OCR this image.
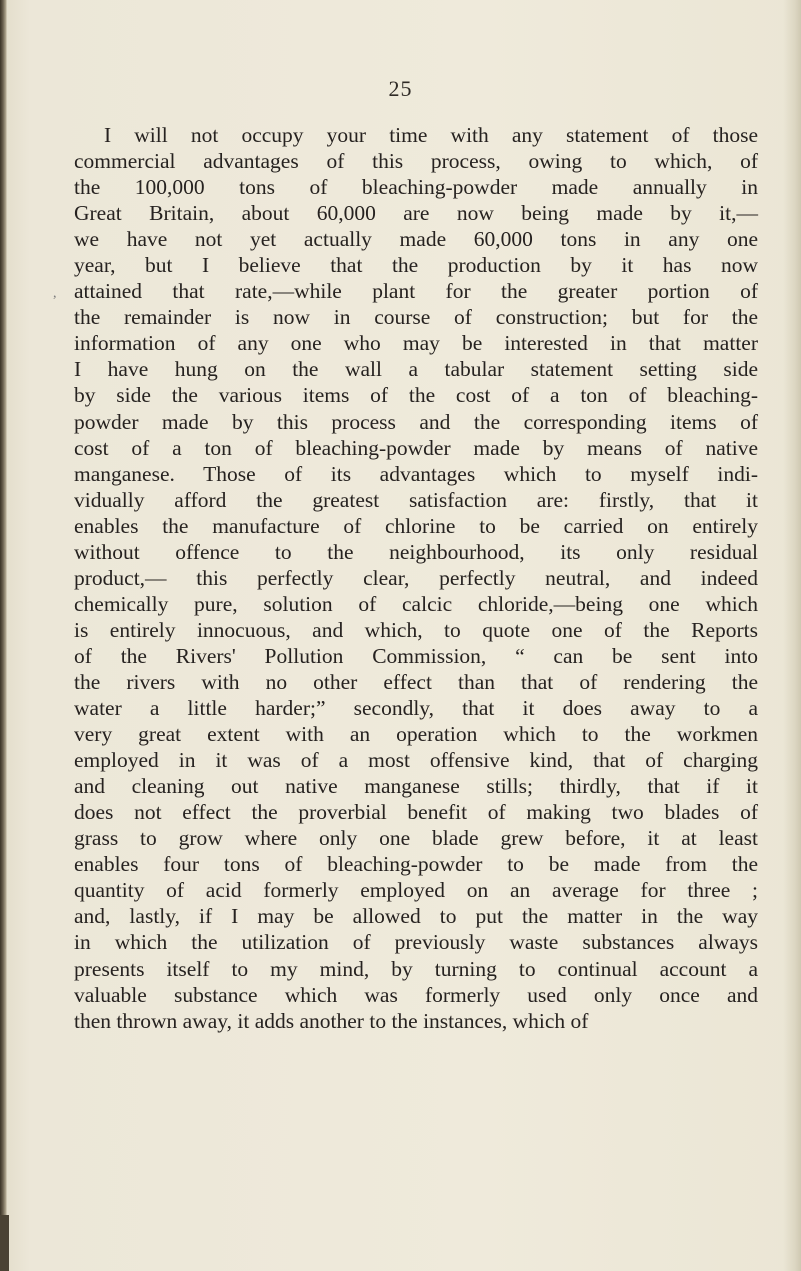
25
,
I will not occupy your time with any statement of those
commercial advantages of this process, owing to which, of
the 100,000 tons of bleaching-powder made annually in
Great Britain, about 60,000 are now being made by it,—
we have not yet actually made 60,000 tons in any one
year, but I believe that the production by it has now
attained that rate,—while plant for the greater portion of
the remainder is now in course of construction; but for the
information of any one who may be interested in that matter
I have hung on the wall a tabular statement setting side
by side the various items of the cost of a ton of bleaching-
powder made by this process and the corresponding items of
cost of a ton of bleaching-powder made by means of native
manganese. Those of its advantages which to myself indi-
vidually afford the greatest satisfaction are: firstly, that it
enables the manufacture of chlorine to be carried on entirely
without offence to the neighbourhood, its only residual
product,— this perfectly clear, perfectly neutral, and indeed
chemically pure, solution of calcic chloride,—being one which
is entirely innocuous, and which, to quote one of the Reports
of the Rivers' Pollution Commission, “ can be sent into
the rivers with no other effect than that of rendering the
water a little harder;” secondly, that it does away to a
very great extent with an operation which to the workmen
employed in it was of a most offensive kind, that of charging
and cleaning out native manganese stills; thirdly, that if it
does not effect the proverbial benefit of making two blades of
grass to grow where only one blade grew before, it at least
enables four tons of bleaching-powder to be made from the
quantity of acid formerly employed on an average for three ;
and, lastly, if I may be allowed to put the matter in the way
in which the utilization of previously waste substances always
presents itself to my mind, by turning to continual account a
valuable substance which was formerly used only once and
then thrown away, it adds another to the instances, which of
